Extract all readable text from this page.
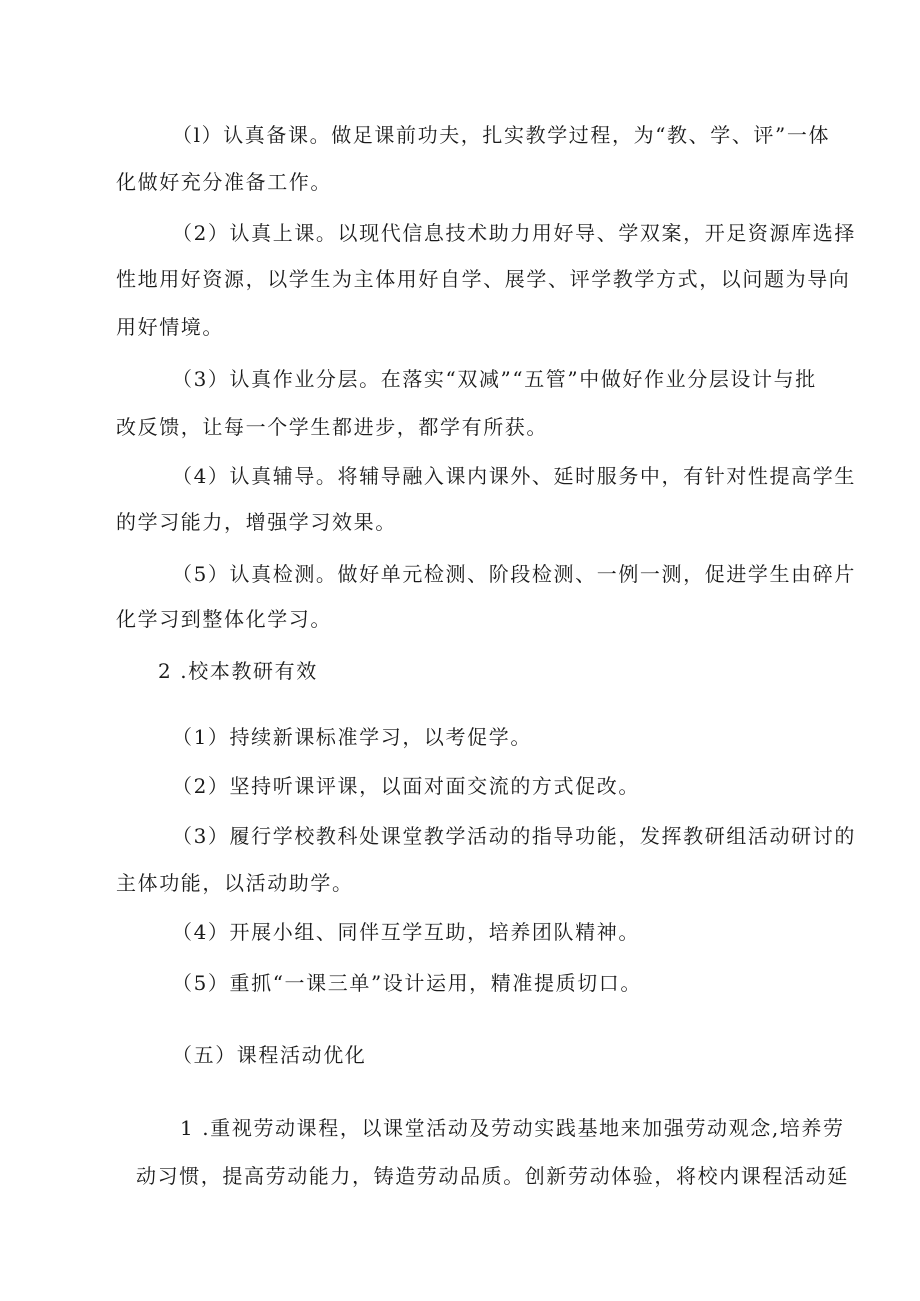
（l）认真备课。做足课前功夫，扎实教学过程，为“教、学、评”一体
化做好充分准备工作。
（2）认真上课。以现代信息技术助力用好导、学双案，开足资源库选择
性地用好资源，以学生为主体用好自学、展学、评学教学方式，以问题为导向
用好情境。
（3）认真作业分层。在落实“双减”“五管”中做好作业分层设计与批
改反馈，让每一个学生都进步，都学有所获。
（4）认真辅导。将辅导融入课内课外、延时服务中，有针对性提高学生
的学习能力，增强学习效果。
（5）认真检测。做好单元检测、阶段检测、一例一测，促进学生由碎片
化学习到整体化学习。
2 .校本教研有效
（1）持续新课标准学习，以考促学。
（2）坚持听课评课，以面对面交流的方式促改。
（3）履行学校教科处课堂教学活动的指导功能，发挥教研组活动研讨的
主体功能，以活动助学。
（4）开展小组、同伴互学互助，培养团队精神。
（5）重抓“一课三单”设计运用，精准提质切口。
（五）课程活动优化
1 .重视劳动课程，以课堂活动及劳动实践基地来加强劳动观念,培养劳
动习惯，提高劳动能力，铸造劳动品质。创新劳动体验，将校内课程活动延
